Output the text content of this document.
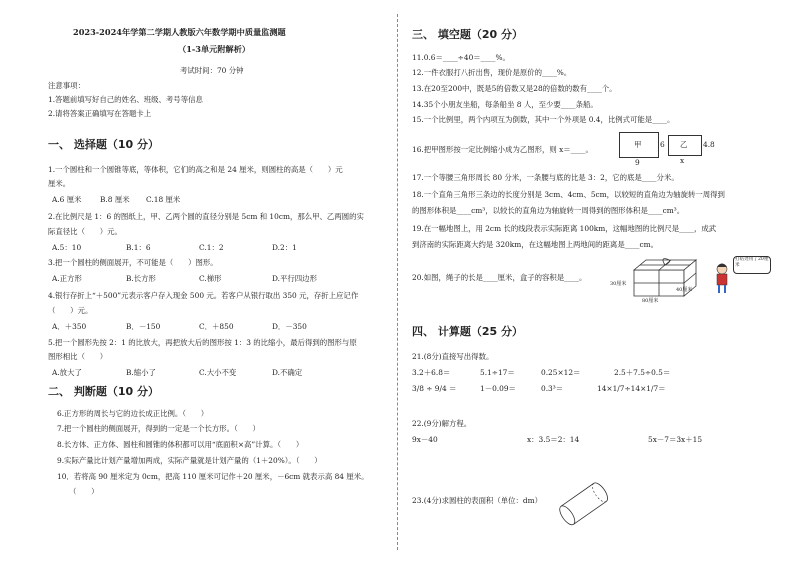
2023-2024年学第二学期人教版六年数学期中质量监测题
（1-3单元附解析）
考试时间：70 分钟
注意事项：
1.答题前填写好自己的姓名、班级、考号等信息
2.请将答案正确填写在答题卡上
一、 选择题（10 分）
1.一个圆柱和一个圆锥等底，等体积，它们的高之和是 24 厘米，则圆柱的高是（　　）元
厘米。
A.6 厘米 B.8 厘米 C.18 厘米
2.在比例尺是 1：6 的图纸上，甲、乙两个圆的直径分别是 5cm 和 10cm，那么甲、乙两圆的实
际直径比（　　）元。
A.5：10	B.1：6	C.1：2	D.2：1
3.把一个圆柱的侧面展开，不可能是（　　）图形。
A.正方形	B.长方形	C.梯形	D.平行四边形
4.银行存折上“＋500”元表示客户存入现金 500 元。若客户从银行取出 350 元，存折上应记作
（　　）元。
A．＋350	B．－150	C．＋850	D．－350
5.把一个圆形先按 2：1 的比放大，再把放大后的图形按 1：3 的比缩小，最后得到的图形与原
图形相比（　　）
A.放大了	B.缩小了	C.大小不变	D.不确定
二、 判断题（10 分）
6.正方形的周长与它的边长成正比例。（　　）
7.把一个圆柱的侧面展开，得到的一定是一个长方形。（　　）
8.长方体、正方体、圆柱和圆锥的体积都可以用“底面积×高”计算。（　　）
9.实际产量比计划产量增加两成，实际产量就是计划产量的（1＋20%）。（　　）
10．若将高 90 厘米定为 0cm，把高 110 厘米可记作＋20 厘米，－6cm 就表示高 84 厘米。
（　　）
三、 填空题（20 分）
11.0.6＝____÷40＝____%。
12.一件衣服打八折出售，现价是原价的____%。
13.在20至200中，既是5的倍数又是28的倍数的数有____个。
14.35个小朋友坐船，每条船坐 8 人，至少要____条船。
15.一个比例里，两个内项互为倒数，其中一个外项是 0.4，比例式可能是____。
16.把甲图形按一定比例缩小成为乙图形，则 x＝____。
甲	6
9
乙 4.8
x
17.一个等腰三角形周长 80 分米，一条腰与底的比是 3：2，它的底是____分米。
18.一个直角三角形三条边的长度分别是 3cm、4cm、5cm，以较短的直角边为轴旋转一周得到
的图形体积是____cm³，以较长的直角边为轴旋转一周得到的图形体积是____cm³。
19.在一幅地图上，用 2cm 长的线段表示实际距离 100km，这幅地图的比例尺是____，成武
到济南的实际距离大约是 320km，在这幅地图上两地间的距离是____cm。
20.如图，绳子的长是____厘米，盒子的容积是____。
30厘米
40厘米
80厘米
打结处用了20厘米
四、 计算题（25 分）
21.(8分)直接写出得数。
3.2＋6.8＝	5.1÷17＝	0.25×12＝	2.5＋7.5÷0.5＝
3/8 ÷ 9/4 ＝	1－0.09＝	0.3³＝	14×1/7÷14×1/7＝
22.(9分)解方程。
9x－40	x：3.5＝2：14	5x－7＝3x＋15
23.(4分)求圆柱的表面积（单位：dm）
